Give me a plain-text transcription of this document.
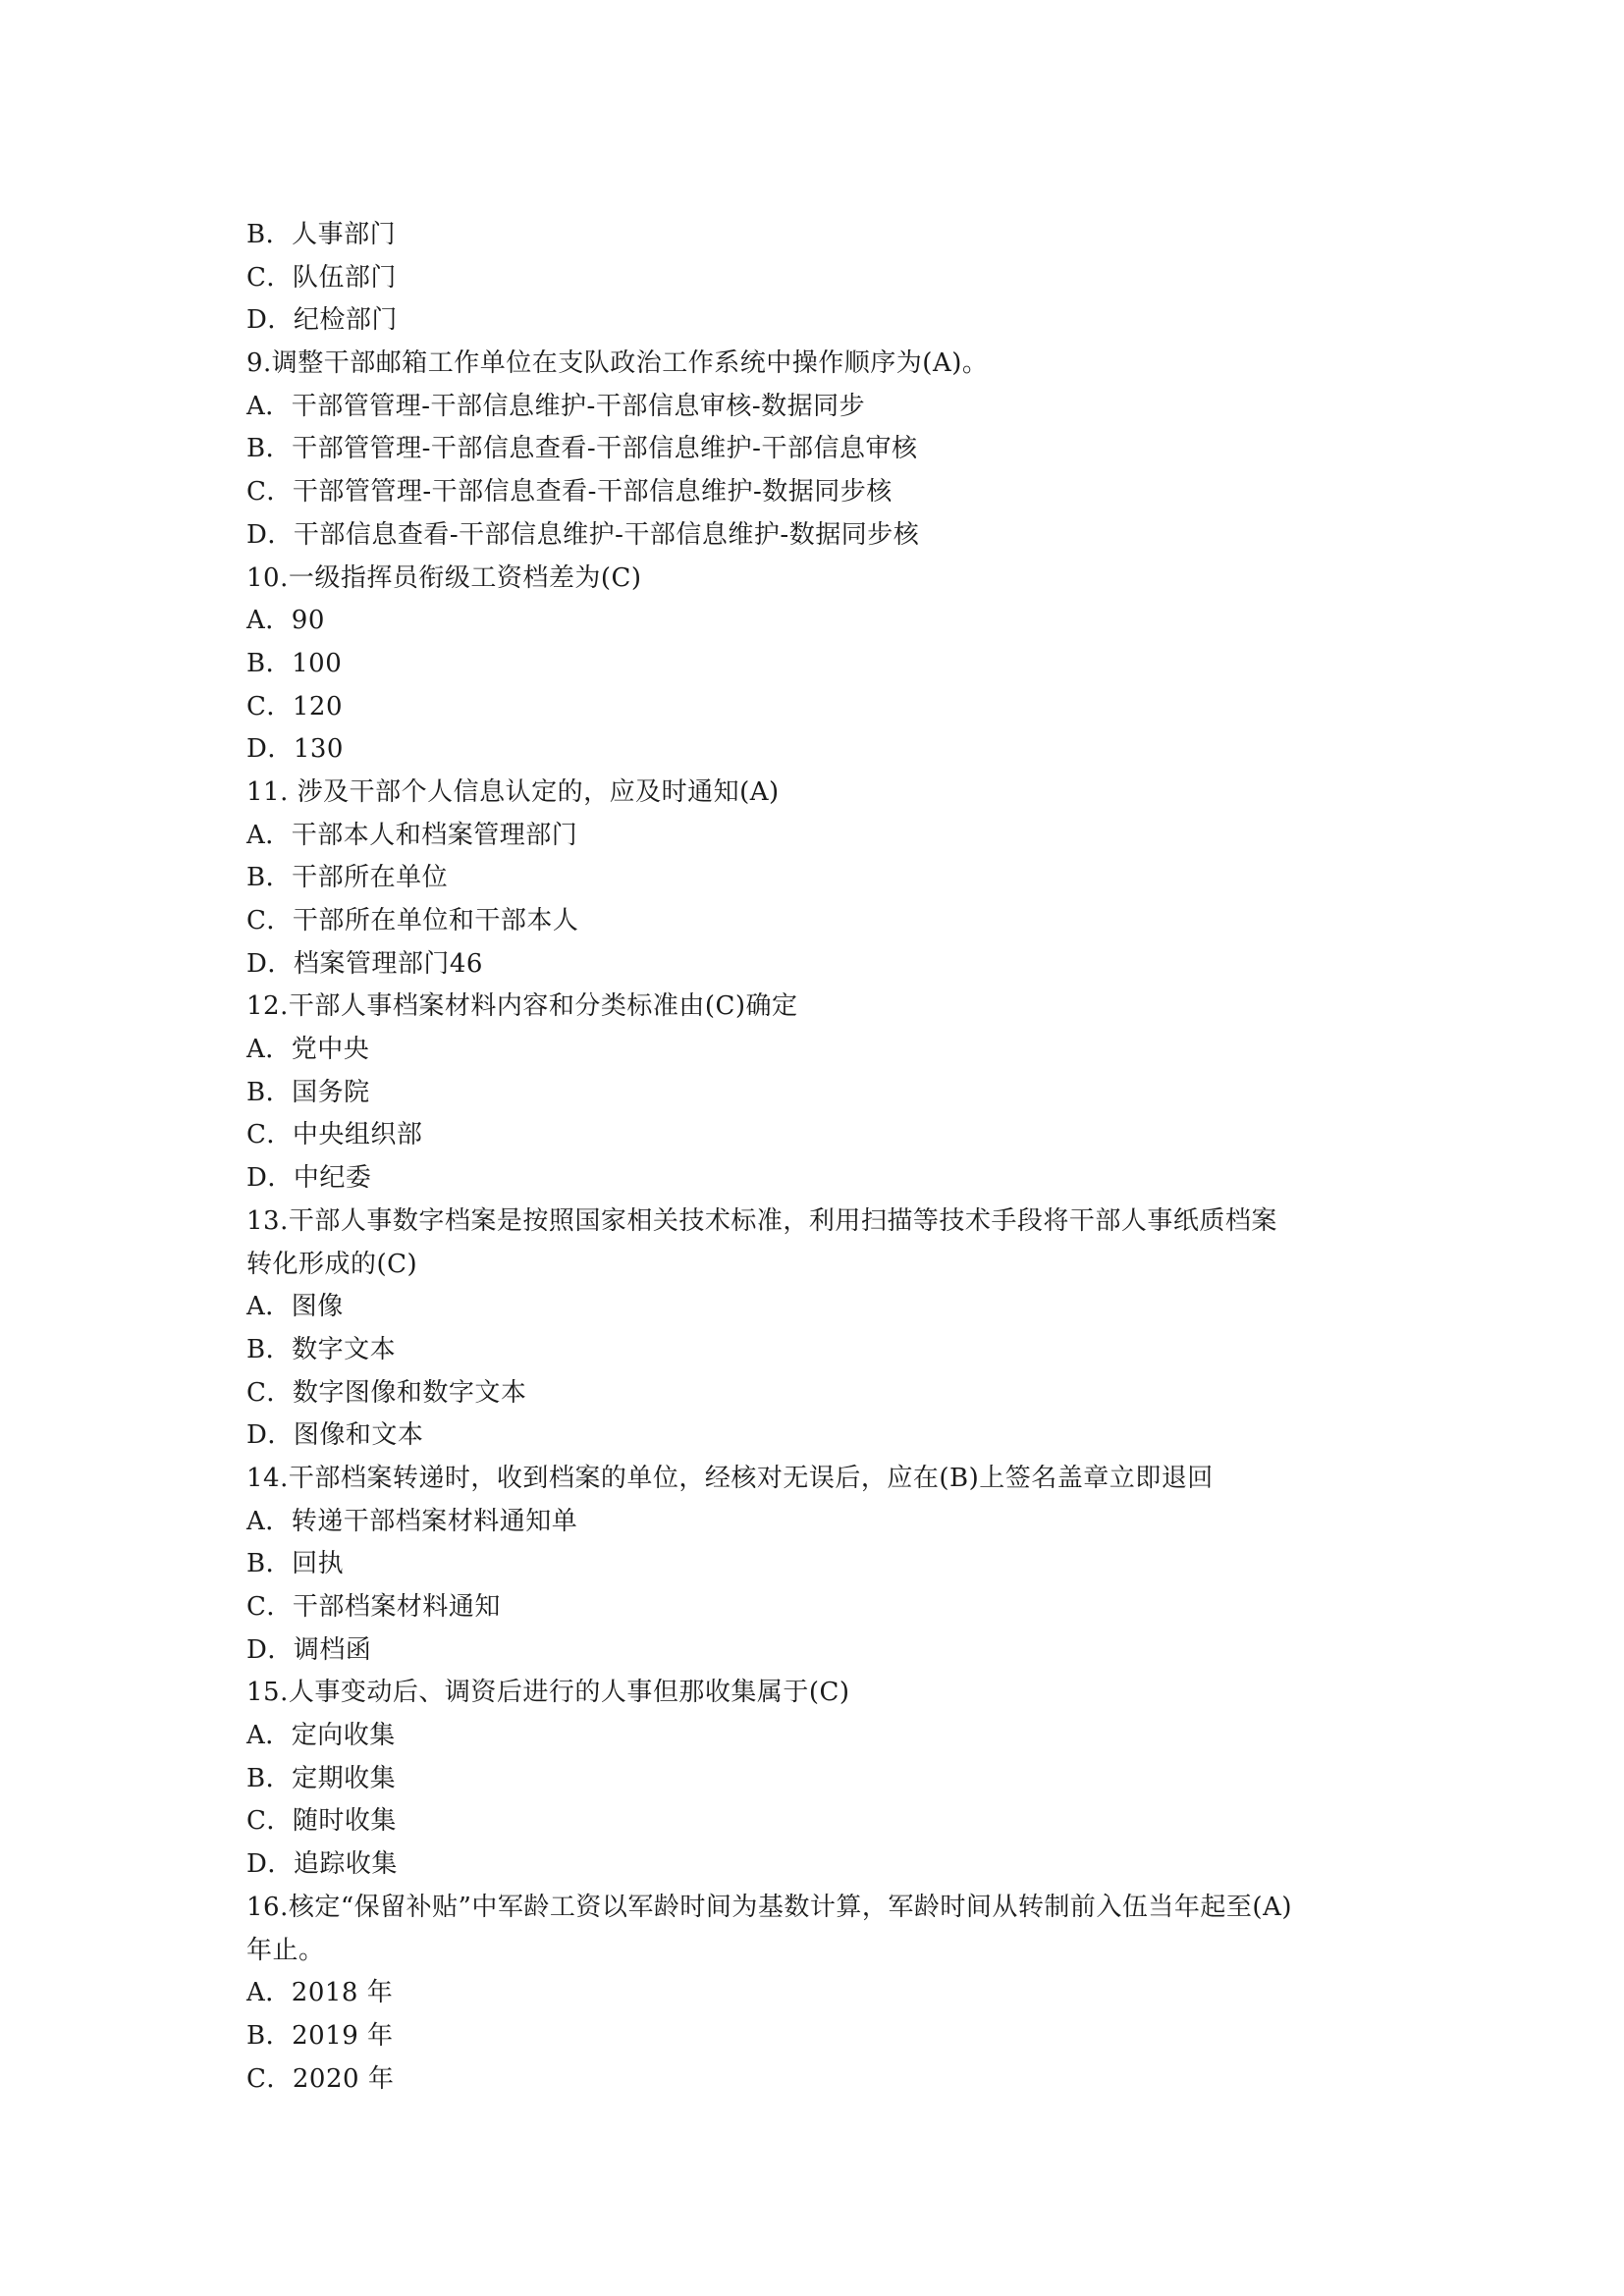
B．人事部门
C．队伍部门
D．纪检部门
9.调整干部邮箱工作单位在支队政治工作系统中操作顺序为(A)。
A．干部管管理-干部信息维护-干部信息审核-数据同步
B．干部管管理-干部信息查看-干部信息维护-干部信息审核
C．干部管管理-干部信息查看-干部信息维护-数据同步核
D．干部信息查看-干部信息维护-干部信息维护-数据同步核
10.一级指挥员衔级工资档差为(C)
A．90
B．100
C．120
D．130
11. 涉及干部个人信息认定的，应及时通知(A)
A．干部本人和档案管理部门
B．干部所在单位
C．干部所在单位和干部本人
D．档案管理部门46
12.干部人事档案材料内容和分类标准由(C)确定
A．党中央
B．国务院
C．中央组织部
D．中纪委
13.干部人事数字档案是按照国家相关技术标准，利用扫描等技术手段将干部人事纸质档案
转化形成的(C)
A．图像
B．数字文本
C．数字图像和数字文本
D．图像和文本
14.干部档案转递时，收到档案的单位，经核对无误后，应在(B)上签名盖章立即退回
A．转递干部档案材料通知单
B．回执
C．干部档案材料通知
D．调档函
15.人事变动后、调资后进行的人事但那收集属于(C)
A．定向收集
B．定期收集
C．随时收集
D．追踪收集
16.核定“保留补贴”中军龄工资以军龄时间为基数计算，军龄时间从转制前入伍当年起至(A)
年止。
A．2018 年
B．2019 年
C．2020 年
